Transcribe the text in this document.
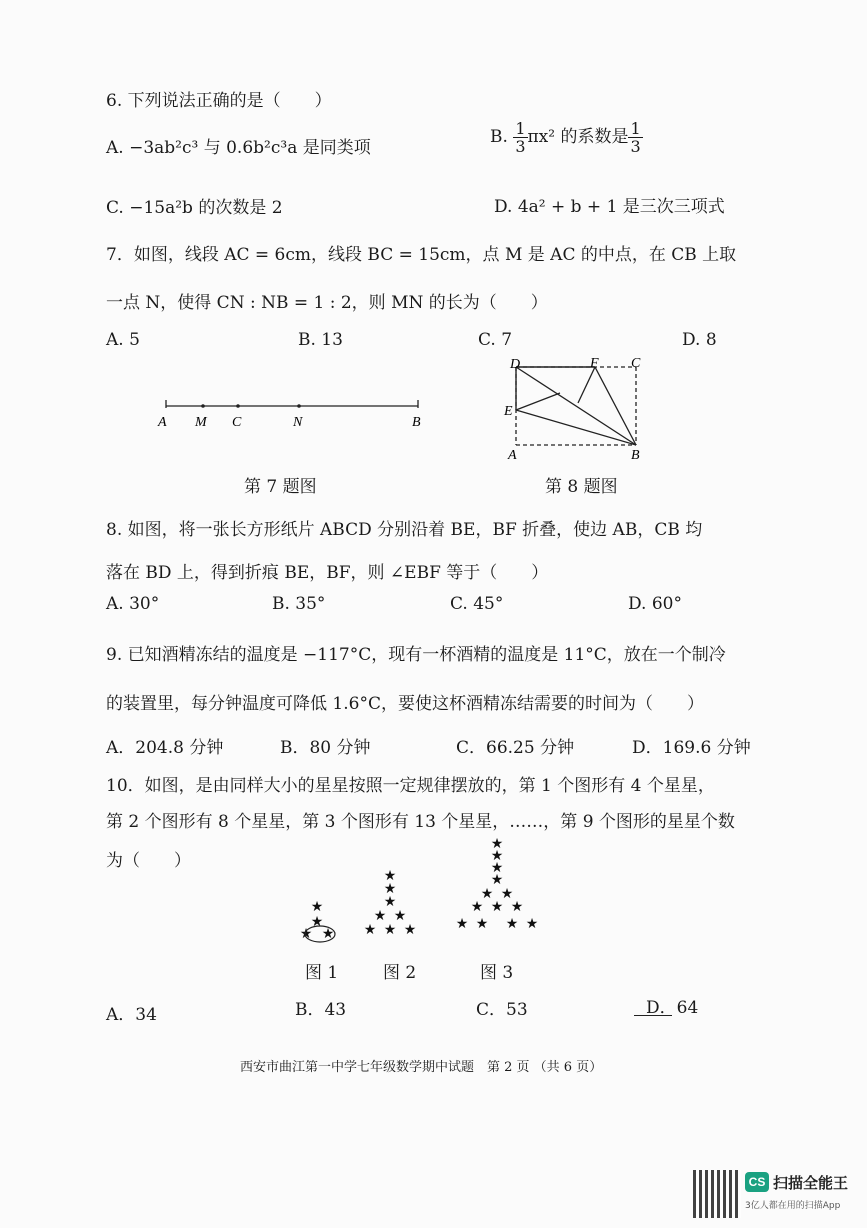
6. 下列说法正确的是（　　）
A. −3ab²c³ 与 0.6b²c³a 是同类项
B. $\frac{1}{3} \pi x^2$ 的系数是 $\frac{1}{3}$
C. −15a²b 的次数是 2	D. 4a² + b + 1 是三次三项式
7．如图，线段 AC = 6cm，线段 BC = 15cm，点 M 是 AC 的中点，在 CB 上取
一点 N，使得 CN : NB = 1 : 2，则 MN 的长为（　　）
A. 5	B. 13	C. 7	D. 8
A M C	N	B
D	F C
E
A	B
第 7 题图	第 8 题图
8. 如图，将一张长方形纸片 ABCD 分别沿着 BE，BF 折叠，使边 AB，CB 均
落在 BD 上，得到折痕 BE，BF，则 ∠EBF 等于（　　）
A. 30°	B. 35°	C. 45°	D. 60°
9. 已知酒精冻结的温度是 −117°C，现有一杯酒精的温度是 11°C，放在一个制冷
的装置里，每分钟温度可降低 1.6°C，要使这杯酒精冻结需要的时间为（　　）
A．204.8 分钟	B．80 分钟	C．66.25 分钟	D．169.6 分钟
10．如图，是由同样大小的星星按照一定规律摆放的，第 1 个图形有 4 个星星，
第 2 个图形有 8 个星星，第 3 个图形有 13 个星星，……，第 9 个图形的星星个数
为（　　）
★
★
★ ★
★
★
★
★ ★
★ ★ ★
★
★
★
★
★ ★
★ ★ ★
★ ★ ★ ★
图 1	图 2	图 3
A．34	B．43	C．53	D．64
西安市曲江第一中学七年级数学期中试题　第 2 页 （共 6 页）
CS 扫描全能王
3亿人都在用的扫描App
